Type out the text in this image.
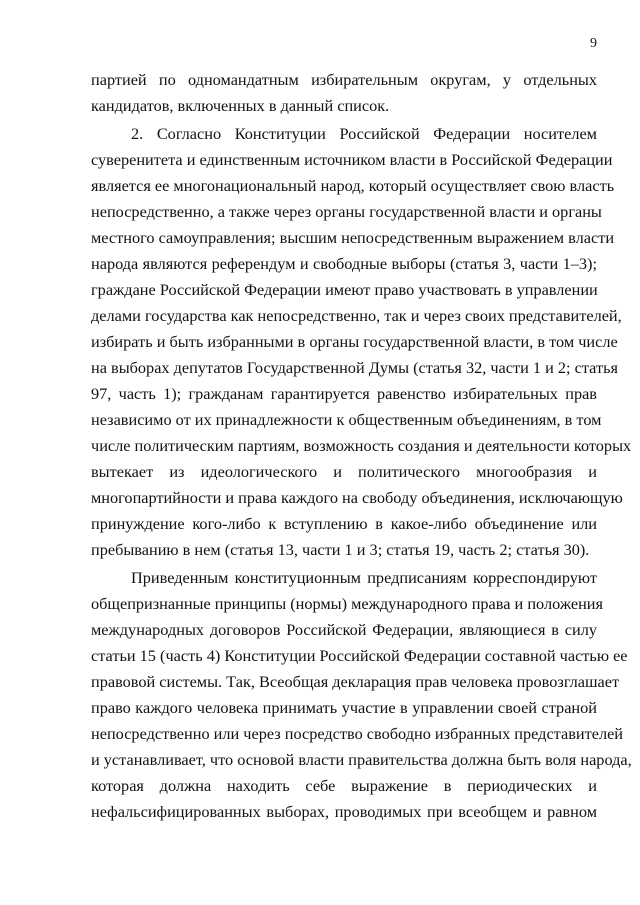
9
партией по одномандатным избирательным округам, у отдельных
кандидатов, включенных в данный список.
2. Согласно Конституции Российской Федерации носителем
суверенитета и единственным источником власти в Российской Федерации
является ее многонациональный народ, который осуществляет свою власть
непосредственно, а также через органы государственной власти и органы
местного самоуправления; высшим непосредственным выражением власти
народа являются референдум и свободные выборы (статья 3, части 1–3);
граждане Российской Федерации имеют право участвовать в управлении
делами государства как непосредственно, так и через своих представителей,
избирать и быть избранными в органы государственной власти, в том числе
на выборах депутатов Государственной Думы (статья 32, части 1 и 2; статья
97, часть 1); гражданам гарантируется равенство избирательных прав
независимо от их принадлежности к общественным объединениям, в том
числе политическим партиям, возможность создания и деятельности которых
вытекает из идеологического и политического многообразия и
многопартийности и права каждого на свободу объединения, исключающую
принуждение кого-либо к вступлению в какое-либо объединение или
пребыванию в нем (статья 13, части 1 и 3; статья 19, часть 2; статья 30).
Приведенным конституционным предписаниям корреспондируют
общепризнанные принципы (нормы) международного права и положения
международных договоров Российской Федерации, являющиеся в силу
статьи 15 (часть 4) Конституции Российской Федерации составной частью ее
правовой системы. Так, Всеобщая декларация прав человека провозглашает
право каждого человека принимать участие в управлении своей страной
непосредственно или через посредство свободно избранных представителей
и устанавливает, что основой власти правительства должна быть воля народа,
которая должна находить себе выражение в периодических и
нефальсифицированных выборах, проводимых при всеобщем и равном
